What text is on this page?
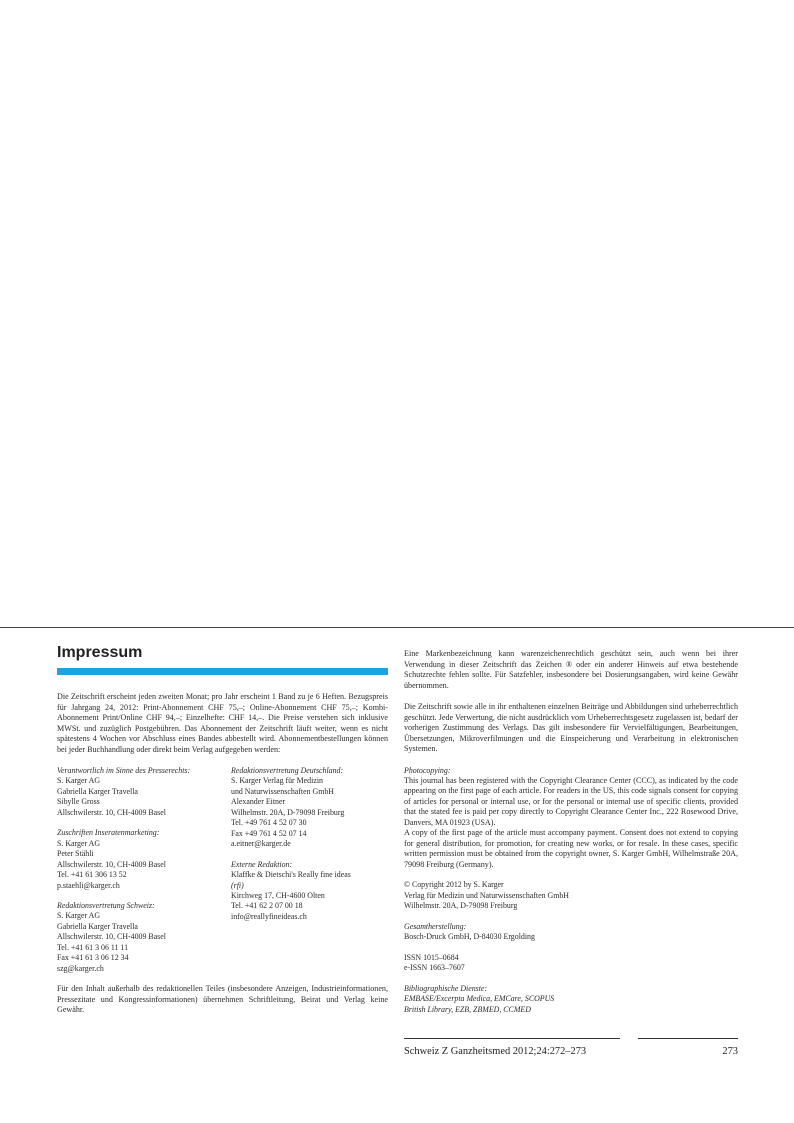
Impressum

Die Zeitschrift erscheint jeden zweiten Monat; pro Jahr erscheint 1 Band zu je 6 Heften. Bezugspreis für Jahrgang 24, 2012: Print-Abonnement CHF 75,–; Online-Abonnement CHF 75,–; Kombi-Abonnement Print/Online CHF 94,–; Einzelhefte: CHF 14,–. Die Preise verstehen sich inklusive MWSt. und zuzüglich Postgebühren. Das Abonnement der Zeitschrift läuft weiter, wenn es nicht spätestens 4 Wochen vor Abschluss eines Bandes abbestellt wird. Abonnementbestellungen können bei jeder Buchhandlung oder direkt beim Verlag aufgegeben werden:

Verantwortlich im Sinne des Presserechts:
S. Karger AG
Gabriella Karger Travella
Sibylle Gross
Allschwilerstr. 10, CH-4009 Basel
Zuschriften Inseratenmarketing:
S. Karger AG
Peter Stähli
Allschwilerstr. 10, CH-4009 Basel
Tel. +41 61 306 13 52
p.staehli@karger.ch
Redaktionsvertretung Schweiz:
S. Karger AG
Gabriella Karger Travella
Allschwilerstr. 10, CH-4009 Basel
Tel. +41 61 3 06 11 11
Fax +41 61 3 06 12 34
szg@karger.ch
Redaktionsvertretung Deutschland:
S. Karger Verlag für Medizin
und Naturwissenschaften GmbH
Alexander Eitner
Wilhelmstr. 20A, D-79098 Freiburg
Tel. +49 761 4 52 07 30
Fax +49 761 4 52 07 14
a.eitner@karger.de
Externe Redaktion:
Klaffke & Dietschi's Really fine ideas
(rfi)
Kirchweg 17, CH-4600 Olten
Tel. +41 62 2 07 00 18
info@reallyfineideas.ch

Für den Inhalt außerhalb des redaktionellen Teiles (insbesondere Anzeigen, Industrieinformationen, Pressezitate und Kongressinformationen) übernehmen Schriftleitung, Beirat und Verlag keine Gewähr.

Eine Markenbezeichnung kann warenzeichenrechtlich geschützt sein, auch wenn bei ihrer Verwendung in dieser Zeitschrift das Zeichen ® oder ein anderer Hinweis auf etwa bestehende Schutzrechte fehlen sollte. Für Satzfehler, insbesondere bei Dosierungsangaben, wird keine Gewähr übernommen.

Die Zeitschrift sowie alle in ihr enthaltenen einzelnen Beiträge und Abbildungen sind urheberrechtlich geschützt. Jede Verwertung, die nicht ausdrücklich vom Urheberrechtsgesetz zugelassen ist, bedarf der vorherigen Zustimmung des Verlags. Das gilt insbesondere für Vervielfältigungen, Bearbeitungen, Übersetzungen, Mikroverfilmungen und die Einspeicherung und Verarbeitung in elektronischen Systemen.

Photocopying:

This journal has been registered with the Copyright Clearance Center (CCC), as indicated by the code appearing on the first page of each article. For readers in the US, this code signals consent for copying of articles for personal or internal use, or for the personal or internal use of specific clients, provided that the stated fee is paid per copy directly to Copyright Clearance Center Inc., 222 Rosewood Drive, Danvers, MA 01923 (USA).

A copy of the first page of the article must accompany payment. Consent does not extend to copying for general distribution, for promotion, for creating new works, or for resale. In these cases, specific written permission must be obtained from the copyright owner, S. Karger GmbH, Wilhelmstraße 20A, 79098 Freiburg (Germany).

© Copyright 2012 by S. Karger
Verlag für Medizin und Naturwissenschaften GmbH
Wilhelmstr. 20A, D-79098 Freiburg
Gesamtherstellung:
Bosch-Druck GmbH, D-84030 Ergolding
ISSN 1015–0684
e-ISSN 1663–7607
Bibliographische Dienste:
EMBASE/Excerpta Medica, EMCare, SCOPUS
British Library, EZB, ZBMED, CCMED
Schweiz Z Ganzheitsmed 2012;24:272–273	273
